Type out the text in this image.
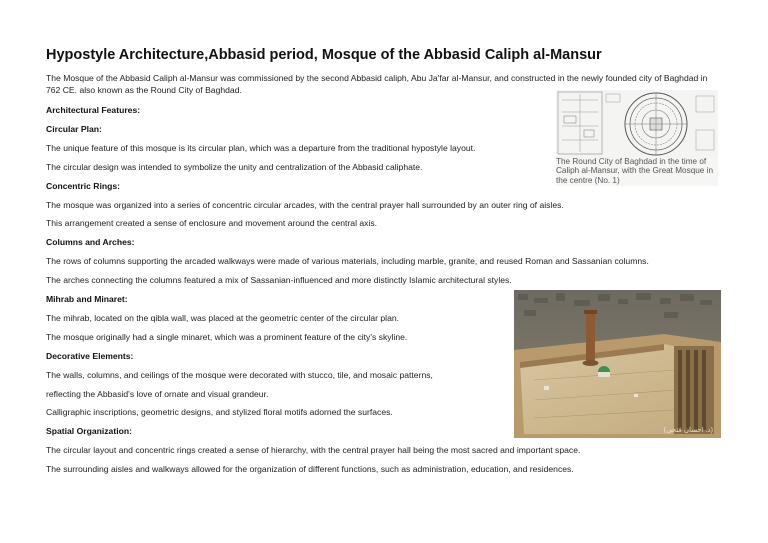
Hypostyle Architecture,Abbasid period, Mosque of the Abbasid Caliph al-Mansur

The Mosque of the Abbasid Caliph al-Mansur was commissioned by the second Abbasid caliph, Abu Ja'far al-Mansur, and constructed in the newly founded city of Baghdad in 762 CE. also known as the Round City of Baghdad.

Architectural Features:

Circular Plan:

The unique feature of this mosque is its circular plan, which was a departure from the traditional hypostyle layout.

The circular design was intended to symbolize the unity and centralization of the Abbasid caliphate.

Concentric Rings:

The mosque was organized into a series of concentric circular arcades, with the central prayer hall surrounded by an outer ring of aisles.

This arrangement created a sense of enclosure and movement around the central axis.

Columns and Arches:

The rows of columns supporting the arcaded walkways were made of various materials, including marble, granite, and reused Roman and Sassanian columns.

The arches connecting the columns featured a mix of Sassanian-influenced and more distinctly Islamic architectural styles.

Mihrab and Minaret:

The mihrab, located on the qibla wall, was placed at the geometric center of the circular plan.

The mosque originally had a single minaret, which was a prominent feature of the city's skyline.

Decorative Elements:

The walls, columns, and ceilings of the mosque were decorated with stucco, tile, and mosaic patterns,

reflecting the Abbasid's love of ornate and visual grandeur.

Calligraphic inscriptions, geometric designs, and stylized floral motifs adorned the surfaces.

Spatial Organization:

The circular layout and concentric rings created a sense of hierarchy, with the central prayer hall being the most sacred and important space.

The surrounding aisles and walkways allowed for the organization of different functions, such as administration, education, and residences.

The Round City of Baghdad in the time of Caliph al-Mansur, with the Great Mosque in the centre (No. 1)

(د. احسان فتحي)
